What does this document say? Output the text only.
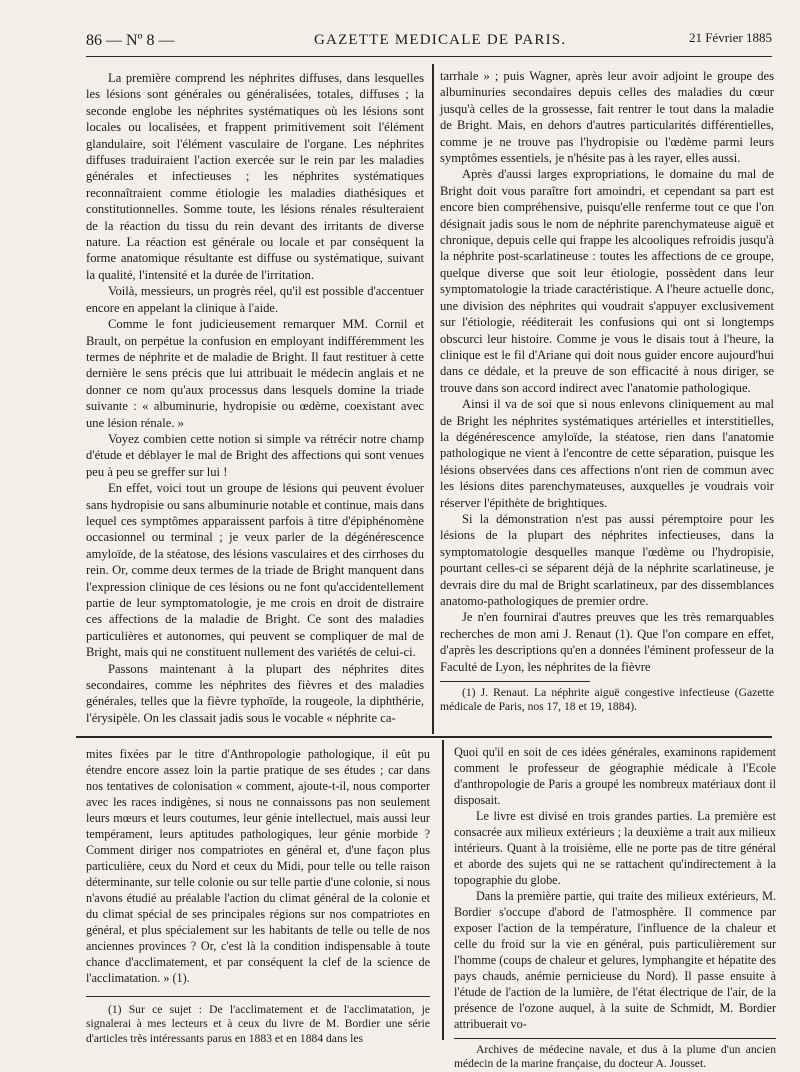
86 — Nº 8 —	GAZETTE MEDICALE DE PARIS.	21 Février 1885

La première comprend les néphrites diffuses, dans lesquelles les lésions sont générales ou généralisées, totales, diffuses ; la seconde englobe les néphrites systématiques où les lésions sont locales ou localisées, et frappent primitivement soit l'élément glandulaire, soit l'élément vasculaire de l'organe. Les néphrites diffuses traduiraient l'action exercée sur le rein par les maladies générales et infectieuses ; les néphrites systématiques reconnaîtraient comme étiologie les maladies diathésiques et constitutionnelles. Somme toute, les lésions rénales résulteraient de la réaction du tissu du rein devant des irritants de diverse nature. La réaction est générale ou locale et par conséquent la forme anatomique résultante est diffuse ou systématique, suivant la qualité, l'intensité et la durée de l'irritation.

Voilà, messieurs, un progrès réel, qu'il est possible d'accentuer encore en appelant la clinique à l'aide.

Comme le font judicieusement remarquer MM. Cornil et Brault, on perpétue la confusion en employant indifféremment les termes de néphrite et de maladie de Bright. Il faut restituer à cette dernière le sens précis que lui attribuait le médecin anglais et ne donner ce nom qu'aux processus dans lesquels domine la triade suivante : « albuminurie, hydropisie ou œdème, coexistant avec une lésion rénale. »

Voyez combien cette notion si simple va rétrécir notre champ d'étude et déblayer le mal de Bright des affections qui sont venues peu à peu se greffer sur lui !

En effet, voici tout un groupe de lésions qui peuvent évoluer sans hydropisie ou sans albuminurie notable et continue, mais dans lequel ces symptômes apparaissent parfois à titre d'épiphénomène occasionnel ou terminal ; je veux parler de la dégénérescence amyloïde, de la stéatose, des lésions vasculaires et des cirrhoses du rein. Or, comme deux termes de la triade de Bright manquent dans l'expression clinique de ces lésions ou ne font qu'accidentellement partie de leur symptomatologie, je me crois en droit de distraire ces affections de la maladie de Bright. Ce sont des maladies particulières et autonomes, qui peuvent se compliquer de mal de Bright, mais qui ne constituent nullement des variétés de celui-ci.

Passons maintenant à la plupart des néphrites dites secondaires, comme les néphrites des fièvres et des maladies générales, telles que la fièvre typhoïde, la rougeole, la diphthérie, l'érysipèle. On les classait jadis sous le vocable « néphrite ca-

tarrhale » ; puis Wagner, après leur avoir adjoint le groupe des albuminuries secondaires depuis celles des maladies du cœur jusqu'à celles de la grossesse, fait rentrer le tout dans la maladie de Bright. Mais, en dehors d'autres particularités différentielles, comme je ne trouve pas l'hydropisie ou l'œdème parmi leurs symptômes essentiels, je n'hésite pas à les rayer, elles aussi.

Après d'aussi larges expropriations, le domaine du mal de Bright doit vous paraître fort amoindri, et cependant sa part est encore bien compréhensive, puisqu'elle renferme tout ce que l'on désignait jadis sous le nom de néphrite parenchymateuse aiguë et chronique, depuis celle qui frappe les alcooliques refroidis jusqu'à la néphrite post-scarlatineuse : toutes les affections de ce groupe, quelque diverse que soit leur étiologie, possèdent dans leur symptomatologie la triade caractéristique. A l'heure actuelle donc, une division des néphrites qui voudrait s'appuyer exclusivement sur l'étiologie, rééditerait les confusions qui ont si longtemps obscurci leur histoire. Comme je vous le disais tout à l'heure, la clinique est le fil d'Ariane qui doit nous guider encore aujourd'hui dans ce dédale, et la preuve de son efficacité à nous diriger, se trouve dans son accord indirect avec l'anatomie pathologique.

Ainsi il va de soi que si nous enlevons cliniquement au mal de Bright les néphrites systématiques artérielles et interstitielles, la dégénérescence amyloïde, la stéatose, rien dans l'anatomie pathologique ne vient à l'encontre de cette séparation, puisque les lésions observées dans ces affections n'ont rien de commun avec les lésions dites parenchymateuses, auxquelles je voudrais voir réserver l'épithète de brightiques.

Si la démonstration n'est pas aussi péremptoire pour les lésions de la plupart des néphrites infectieuses, dans la symptomatologie desquelles manque l'œdème ou l'hydropisie, pourtant celles-ci se séparent déjà de la néphrite scarlatineuse, je devrais dire du mal de Bright scarlatineux, par des dissemblances anatomo-pathologiques de premier ordre.

Je n'en fournirai d'autres preuves que les très remarquables recherches de mon ami J. Renaut (1). Que l'on compare en effet, d'après les descriptions qu'en a données l'éminent professeur de la Faculté de Lyon, les néphrites de la fièvre

(1) J. Renaut. La néphrite aiguë congestive infectieuse (Gazette médicale de Paris, nos 17, 18 et 19, 1884).

mites fixées par le titre d'Anthropologie pathologique, il eût pu étendre encore assez loin la partie pratique de ses études ; car dans nos tentatives de colonisation « comment, ajoute-t-il, nous comporter avec les races indigènes, si nous ne connaissons pas non seulement leurs mœurs et leurs coutumes, leur génie intellectuel, mais aussi leur tempérament, leurs aptitudes pathologiques, leur génie morbide ? Comment diriger nos compatriotes en général et, d'une façon plus particulière, ceux du Nord et ceux du Midi, pour telle ou telle raison déterminante, sur telle colonie ou sur telle partie d'une colonie, si nous n'avons étudié au préalable l'action du climat général de la colonie et du climat spécial de ses principales régions sur nos compatriotes en général, et plus spécialement sur les habitants de telle ou telle de nos anciennes provinces ? Or, c'est là la condition indispensable à toute chance d'acclimatement, et par conséquent la clef de la science de l'acclimatation. » (1).

(1) Sur ce sujet : De l'acclimatement et de l'acclimatation, je signalerai à mes lecteurs et à ceux du livre de M. Bordier une série d'articles très intéressants parus en 1883 et en 1884 dans les

Quoi qu'il en soit de ces idées générales, examinons rapidement comment le professeur de géographie médicale à l'Ecole d'anthropologie de Paris a groupé les nombreux matériaux dont il disposait.

Le livre est divisé en trois grandes parties. La première est consacrée aux milieux extérieurs ; la deuxième a trait aux milieux intérieurs. Quant à la troisième, elle ne porte pas de titre général et aborde des sujets qui ne se rattachent qu'indirectement à la topographie du globe.

Dans la première partie, qui traite des milieux extérieurs, M. Bordier s'occupe d'abord de l'atmosphère. Il commence par exposer l'action de la température, l'influence de la chaleur et celle du froid sur la vie en général, puis particulièrement sur l'homme (coups de chaleur et gelures, lymphangite et hépatite des pays chauds, anémie pernicieuse du Nord). Il passe ensuite à l'étude de l'action de la lumière, de l'état électrique de l'air, de la présence de l'ozone auquel, à la suite de Schmidt, M. Bordier attribuerait vo-

Archives de médecine navale, et dus à la plume d'un ancien médecin de la marine française, du docteur A. Jousset.
